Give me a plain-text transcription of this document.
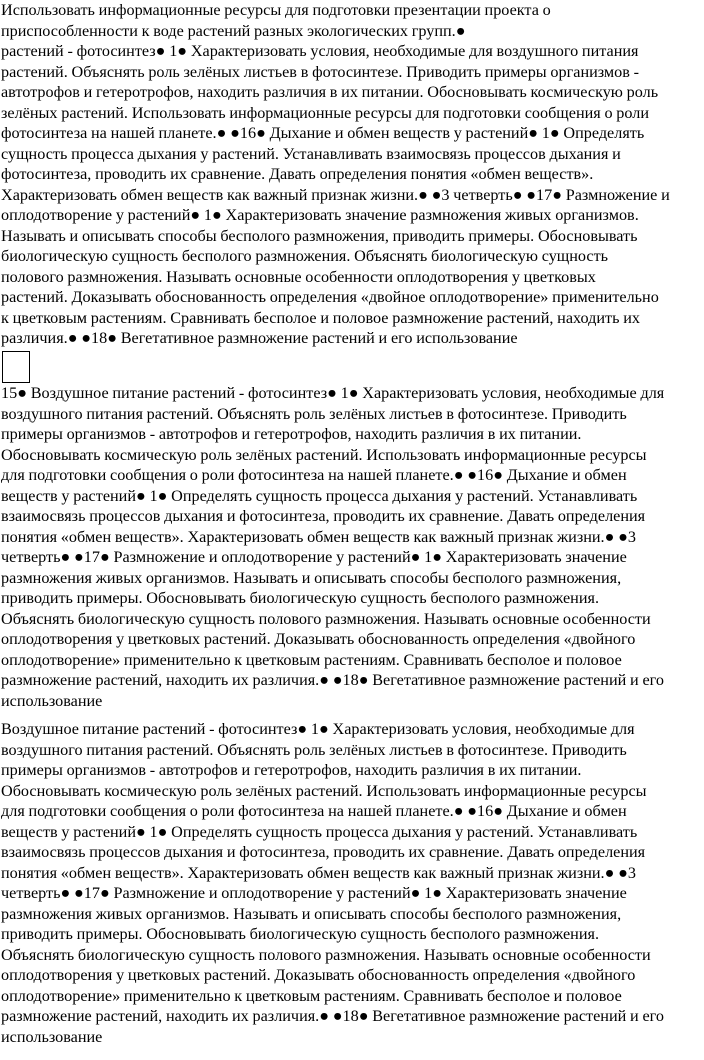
Использовать информационные ресурсы для подготовки презентации проекта о
приспособленности к воде растений разных экологических групп.●
растений - фотосинтез● 1● Характеризовать условия, необходимые для воздушного питания
растений. Объяснять роль зелёных листьев в фотосинтезе. Приводить примеры организмов -
автотрофов и гетеротрофов, находить различия в их питании. Обосновывать космическую роль
зелёных растений. Использовать информационные ресурсы для подготовки сообщения о роли
фотосинтеза на нашей планете.● ●16● Дыхание и обмен веществ у растений● 1● Определять
сущность процесса дыхания у растений. Устанавливать взаимосвязь процессов дыхания и
фотосинтеза, проводить их сравнение. Давать определения понятия «обмен веществ».
Характеризовать обмен веществ как важный признак жизни.● ●3 четверть● ●17● Размножение и
оплодотворение у растений● 1● Характеризовать значение размножения живых организмов.
Называть и описывать способы бесполого размножения, приводить примеры. Обосновывать
биологическую сущность бесполого размножения. Объяснять биологическую сущность
полового размножения. Называть основные особенности оплодотворения у цветковых
растений. Доказывать обоснованность определения «двойное оплодотворение» применительно
к цветковым растениям. Сравнивать бесполое и половое размножение растений, находить их
различия.● ●18● Вегетативное размножение растений и его использование
15● Воздушное питание растений - фотосинтез● 1● Характеризовать условия, необходимые для
воздушного питания растений. Объяснять роль зелёных листьев в фотосинтезе. Приводить
примеры организмов - автотрофов и гетеротрофов, находить различия в их питании.
Обосновывать космическую роль зелёных растений. Использовать информационные ресурсы
для подготовки сообщения о роли фотосинтеза на нашей планете.● ●16● Дыхание и обмен
веществ у растений● 1● Определять сущность процесса дыхания у растений. Устанавливать
взаимосвязь процессов дыхания и фотосинтеза, проводить их сравнение. Давать определения
понятия «обмен веществ». Характеризовать обмен веществ как важный признак жизни.● ●3
четверть● ●17● Размножение и оплодотворение у растений● 1● Характеризовать значение
размножения живых организмов. Называть и описывать способы бесполого размножения,
приводить примеры. Обосновывать биологическую сущность бесполого размножения.
Объяснять биологическую сущность полового размножения. Называть основные особенности
оплодотворения у цветковых растений. Доказывать обоснованность определения «двойного
оплодотворение» применительно к цветковым растениям. Сравнивать бесполое и половое
размножение растений, находить их различия.● ●18● Вегетативное размножение растений и его
использование
Воздушное питание растений - фотосинтез● 1● Характеризовать условия, необходимые для
воздушного питания растений. Объяснять роль зелёных листьев в фотосинтезе. Приводить
примеры организмов - автотрофов и гетеротрофов, находить различия в их питании.
Обосновывать космическую роль зелёных растений. Использовать информационные ресурсы
для подготовки сообщения о роли фотосинтеза на нашей планете.● ●16● Дыхание и обмен
веществ у растений● 1● Определять сущность процесса дыхания у растений. Устанавливать
взаимосвязь процессов дыхания и фотосинтеза, проводить их сравнение. Давать определения
понятия «обмен веществ». Характеризовать обмен веществ как важный признак жизни.● ●3
четверть● ●17● Размножение и оплодотворение у растений● 1● Характеризовать значение
размножения живых организмов. Называть и описывать способы бесполого размножения,
приводить примеры. Обосновывать биологическую сущность бесполого размножения.
Объяснять биологическую сущность полового размножения. Называть основные особенности
оплодотворения у цветковых растений. Доказывать обоснованность определения «двойного
оплодотворение» применительно к цветковым растениям. Сравнивать бесполое и половое
размножение растений, находить их различия.● ●18● Вегетативное размножение растений и его
использование
